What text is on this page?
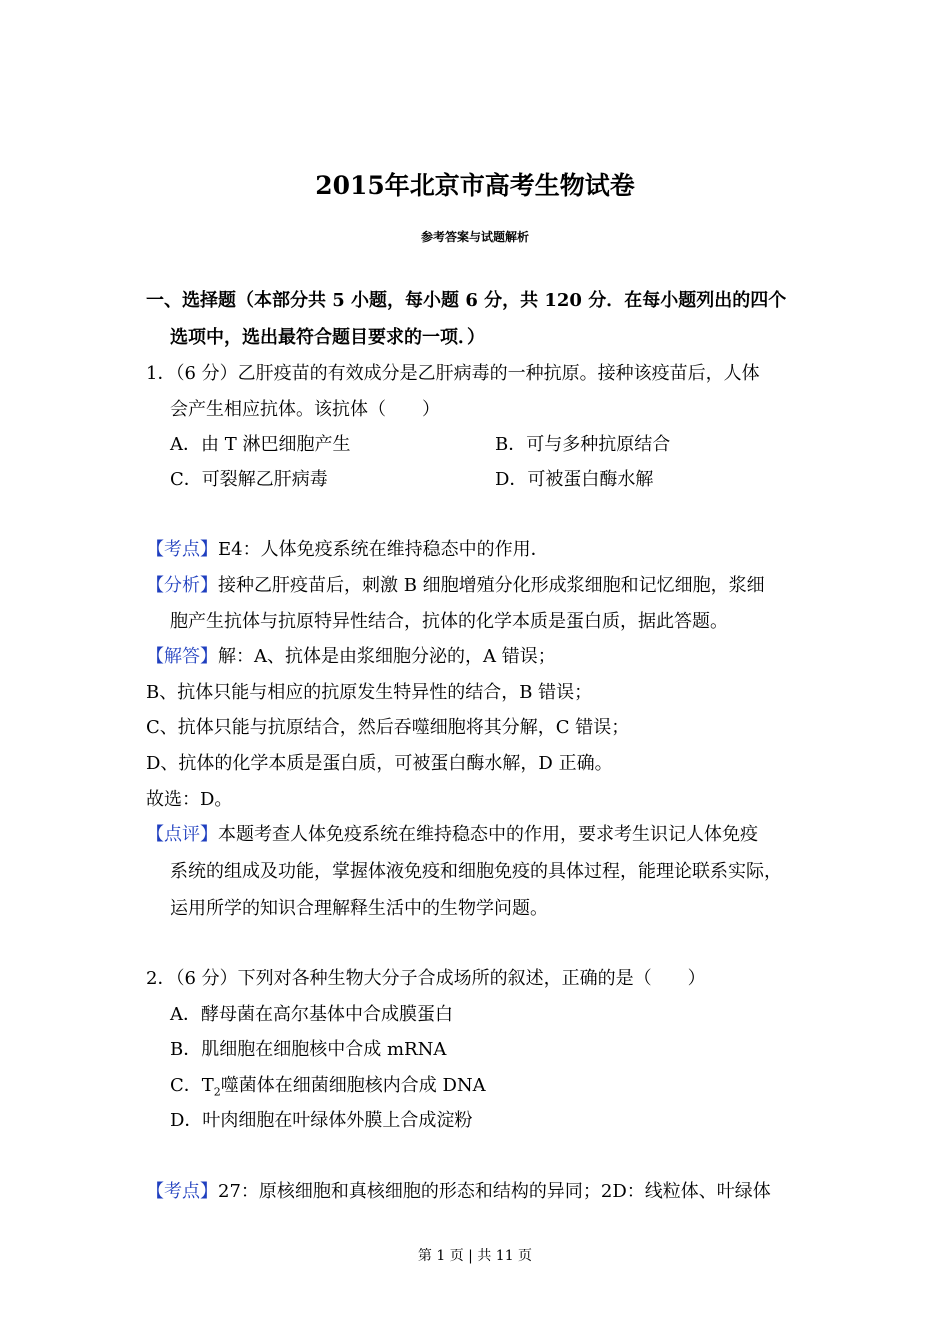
2015年北京市高考生物试卷
参考答案与试题解析
一、选择题（本部分共 5 小题，每小题 6 分，共 120 分．在每小题列出的四个
选项中，选出最符合题目要求的一项．）
1．（6 分）乙肝疫苗的有效成分是乙肝病毒的一种抗原。接种该疫苗后，人体
会产生相应抗体。该抗体（　　）
A．由 T 淋巴细胞产生	B．可与多种抗原结合
C．可裂解乙肝病毒	D．可被蛋白酶水解
【考点】E4：人体免疫系统在维持稳态中的作用．
【分析】接种乙肝疫苗后，刺激 B 细胞增殖分化形成浆细胞和记忆细胞，浆细
胞产生抗体与抗原特异性结合，抗体的化学本质是蛋白质，据此答题。
【解答】解：A、抗体是由浆细胞分泌的，A 错误；
B、抗体只能与相应的抗原发生特异性的结合，B 错误；
C、抗体只能与抗原结合，然后吞噬细胞将其分解，C 错误；
D、抗体的化学本质是蛋白质，可被蛋白酶水解，D 正确。
故选：D。
【点评】本题考查人体免疫系统在维持稳态中的作用，要求考生识记人体免疫
系统的组成及功能，掌握体液免疫和细胞免疫的具体过程，能理论联系实际，
运用所学的知识合理解释生活中的生物学问题。
2．（6 分）下列对各种生物大分子合成场所的叙述，正确的是（　　）
A．酵母菌在高尔基体中合成膜蛋白
B．肌细胞在细胞核中合成 mRNA
C．$T_2$噬菌体在细菌细胞核内合成 DNA
D．叶肉细胞在叶绿体外膜上合成淀粉
【考点】27：原核细胞和真核细胞的形态和结构的异同；2D：线粒体、叶绿体
第 1 页 | 共 11 页
